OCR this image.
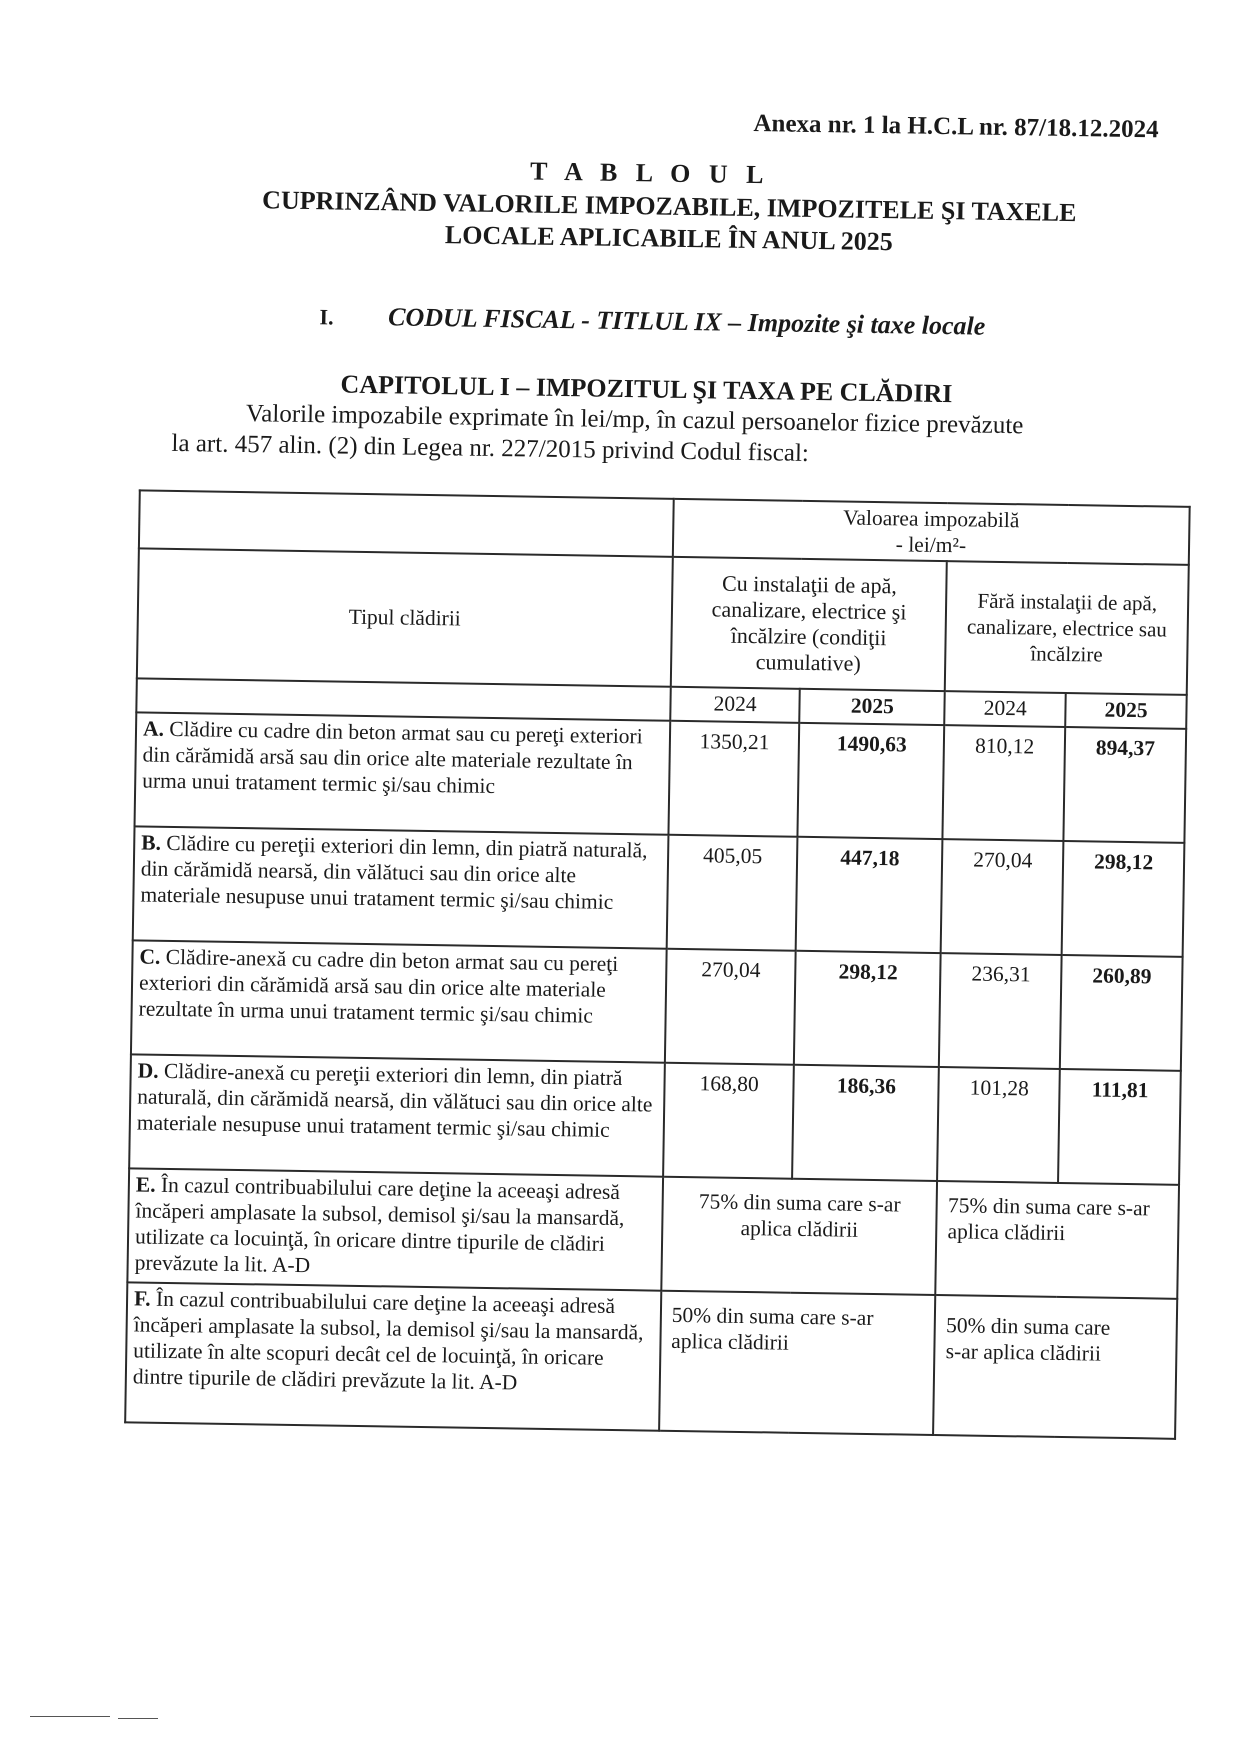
Anexa nr. 1 la H.C.L nr. 87/18.12.2024
T A B L O U L
CUPRINZÂND VALORILE IMPOZABILE, IMPOZITELE ŞI TAXELE
LOCALE APLICABILE ÎN ANUL 2025
I. CODUL FISCAL - TITLUL IX – Impozite şi taxe locale
CAPITOLUL I – IMPOZITUL ŞI TAXA PE CLĂDIRI
Valorile impozabile exprimate în lei/mp, în cazul persoanelor fizice prevăzute
la art. 457 alin. (2) din Legea nr. 227/2015 privind Codul fiscal:

	Valoarea impozabilă
- lei/m²-			

Tipul clădirii	Cu instalaţii de apă, canalizare, electrice şi încălzire (condiţii cumulative)		Fără instalaţii de apă, canalizare, electrice sau încălzire	
	2024	2025	2024	2025
A. Clădire cu cadre din beton armat sau cu pereţi exteriori din cărămidă arsă sau din orice alte materiale rezultate în urma unui tratament termic şi/sau chimic	1350,21	1490,63	810,12	894,37
B. Clădire cu pereţii exteriori din lemn, din piatră naturală, din cărămidă nearsă, din vălătuci sau din orice alte materiale nesupuse unui tratament termic şi/sau chimic	405,05	447,18	270,04	298,12
C. Clădire-anexă cu cadre din beton armat sau cu pereţi exteriori din cărămidă arsă sau din orice alte materiale rezultate în urma unui tratament termic şi/sau chimic	270,04	298,12	236,31	260,89
D. Clădire-anexă cu pereţii exteriori din lemn, din piatră naturală, din cărămidă nearsă, din vălătuci sau din orice alte materiale nesupuse unui tratament termic şi/sau chimic	168,80	186,36	101,28	111,81
E. În cazul contribuabilului care deţine la aceeaşi adresă încăperi amplasate la subsol, demisol şi/sau la mansardă, utilizate ca locuinţă, în oricare dintre tipurile de clădiri prevăzute la lit. A-D	75% din suma care s-ar aplica clădirii		75% din suma care s-ar aplica clădirii	
F. În cazul contribuabilului care deţine la aceeaşi adresă încăperi amplasate la subsol, la demisol şi/sau la mansardă, utilizate în alte scopuri decât cel de locuinţă, în oricare dintre tipurile de clădiri prevăzute la lit. A-D	50% din suma care s-ar aplica clădirii		50% din suma care s-ar aplica clădirii	
